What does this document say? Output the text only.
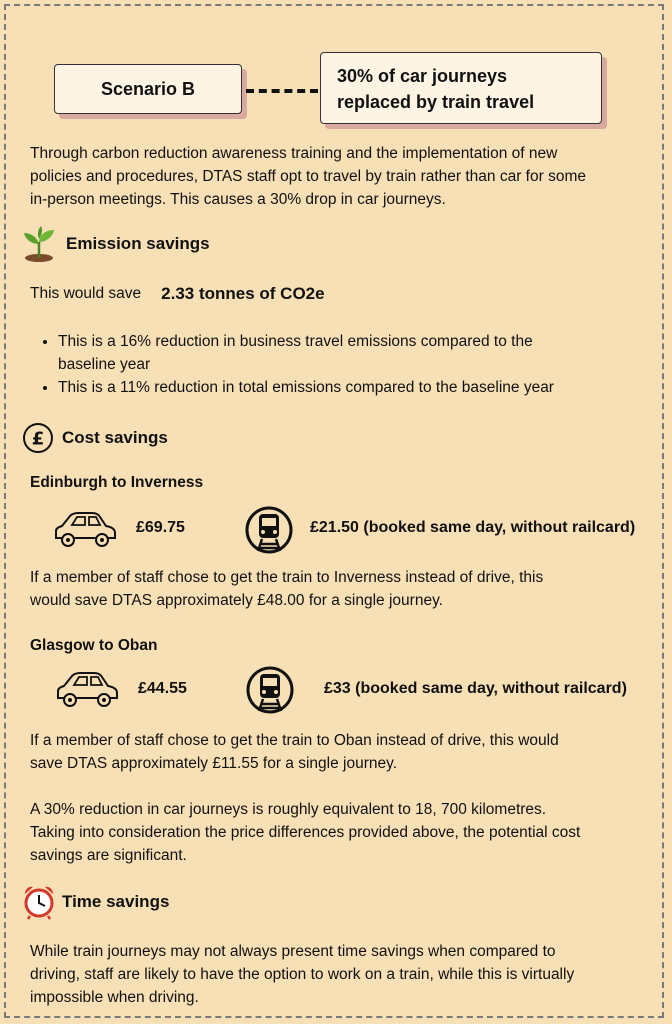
Scenario B
30% of car journeys
replaced by train travel
Through carbon reduction awareness training and the implementation of new
policies and procedures, DTAS staff opt to travel by train rather than car for some
in-person meetings. This causes a 30% drop in car journeys.
Emission savings
This would save 2.33 tonnes of CO2e
• This is a 16% reduction in business travel emissions compared to the
baseline year
• This is a 11% reduction in total emissions compared to the baseline year
£ Cost savings
Edinburgh to Inverness
£69.75	£21.50 (booked same day, without railcard)
If a member of staff chose to get the train to Inverness instead of drive, this
would save DTAS approximately £48.00 for a single journey.
Glasgow to Oban
£44.55	£33 (booked same day, without railcard)
If a member of staff chose to get the train to Oban instead of drive, this would
save DTAS approximately £11.55 for a single journey.
A 30% reduction in car journeys is roughly equivalent to 18, 700 kilometres.
Taking into consideration the price differences provided above, the potential cost
savings are significant.
Time savings
While train journeys may not always present time savings when compared to
driving, staff are likely to have the option to work on a train, while this is virtually
impossible when driving.
